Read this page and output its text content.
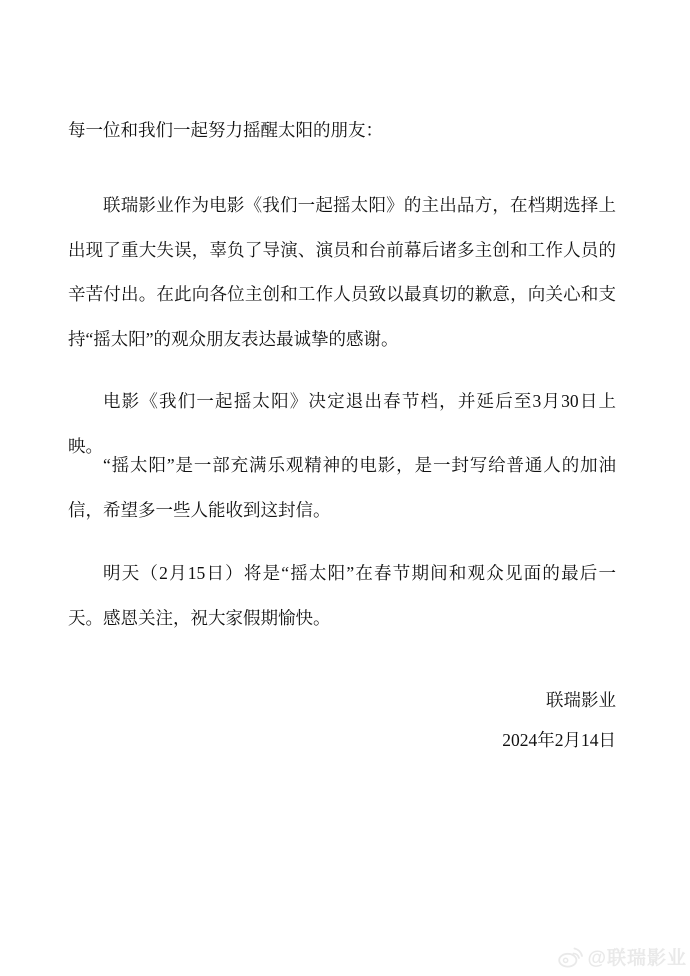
每一位和我们一起努力摇醒太阳的朋友：

联瑞影业作为电影《我们一起摇太阳》的主出品方，在档期选择上出现了重大失误，辜负了导演、演员和台前幕后诸多主创和工作人员的辛苦付出。在此向各位主创和工作人员致以最真切的歉意，向关心和支持“摇太阳”的观众朋友表达最诚挚的感谢。

电影《我们一起摇太阳》决定退出春节档，并延后至3月30日上映。

“摇太阳”是一部充满乐观精神的电影，是一封写给普通人的加油信，希望多一些人能收到这封信。

明天（2月15日）将是“摇太阳”在春节期间和观众见面的最后一天。感恩关注，祝大家假期愉快。

联瑞影业
2024年2月14日
@联瑞影业
